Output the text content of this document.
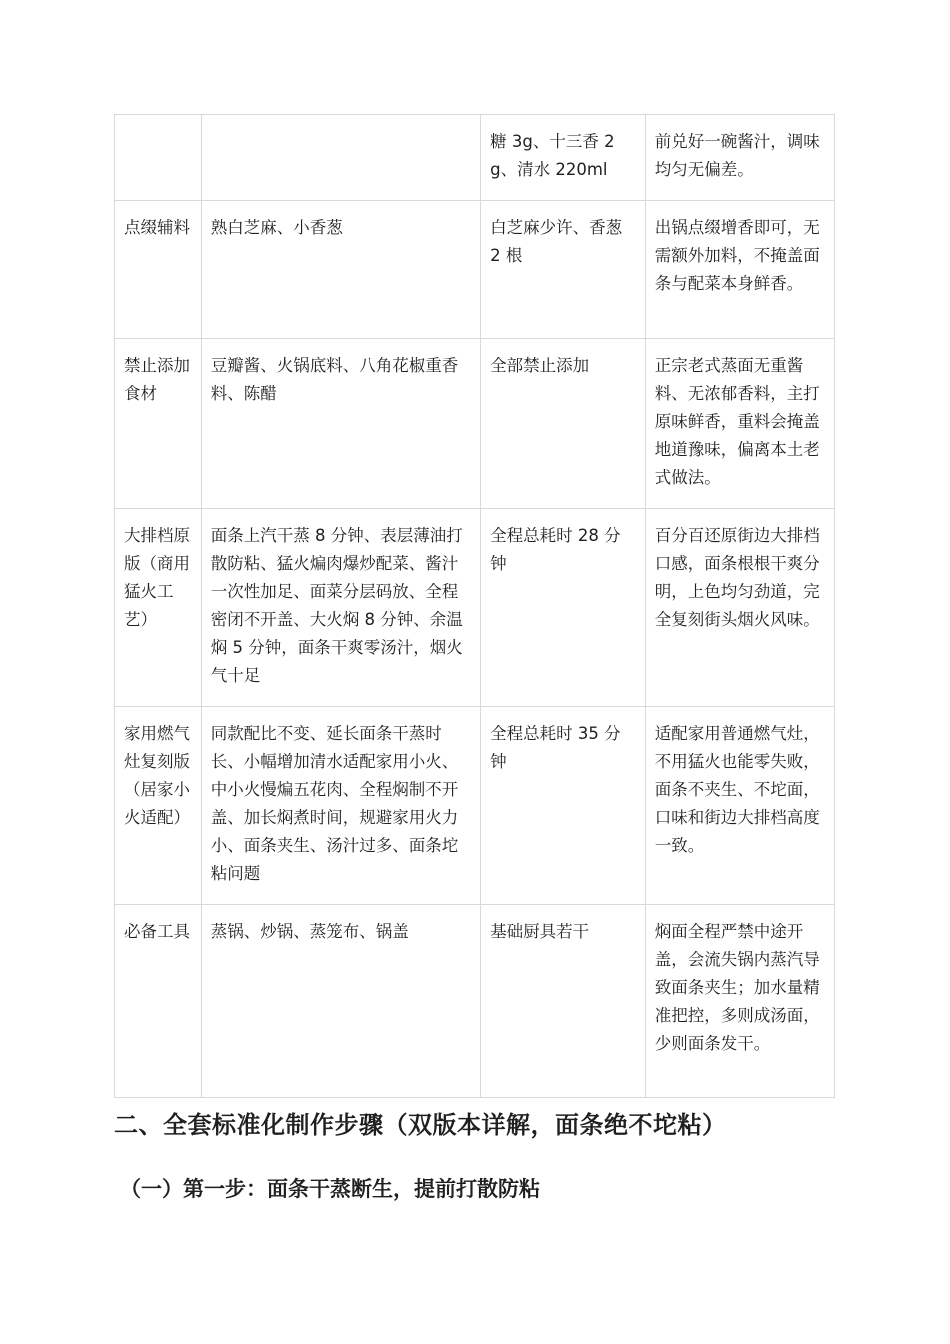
		糖 3g、十三香 2g、清水 220ml	前兑好一碗酱汁，调味均匀无偏差。
点缀辅料	熟白芝麻、小香葱	白芝麻少许、香葱 2 根	出锅点缀增香即可，无需额外加料，不掩盖面条与配菜本身鲜香。
禁止添加食材	豆瓣酱、火锅底料、八角花椒重香料、陈醋	全部禁止添加	正宗老式蒸面无重酱料、无浓郁香料，主打原味鲜香，重料会掩盖地道豫味，偏离本土老式做法。
大排档原版（商用猛火工艺）	面条上汽干蒸 8 分钟、表层薄油打散防粘、猛火煸肉爆炒配菜、酱汁一次性加足、面菜分层码放、全程密闭不开盖、大火焖 8 分钟、余温焖 5 分钟，面条干爽零汤汁，烟火气十足	全程总耗时 28 分钟	百分百还原街边大排档口感，面条根根干爽分明，上色均匀劲道，完全复刻街头烟火风味。
家用燃气灶复刻版（居家小火适配）	同款配比不变、延长面条干蒸时长、小幅增加清水适配家用小火、中小火慢煸五花肉、全程焖制不开盖、加长焖煮时间，规避家用火力小、面条夹生、汤汁过多、面条坨粘问题	全程总耗时 35 分钟	适配家用普通燃气灶，不用猛火也能零失败，面条不夹生、不坨面，口味和街边大排档高度一致。
必备工具	蒸锅、炒锅、蒸笼布、锅盖	基础厨具若干	焖面全程严禁中途开盖，会流失锅内蒸汽导致面条夹生；加水量精准把控，多则成汤面，少则面条发干。
二、全套标准化制作步骤（双版本详解，面条绝不坨粘）
（一）第一步：面条干蒸断生，提前打散防粘
